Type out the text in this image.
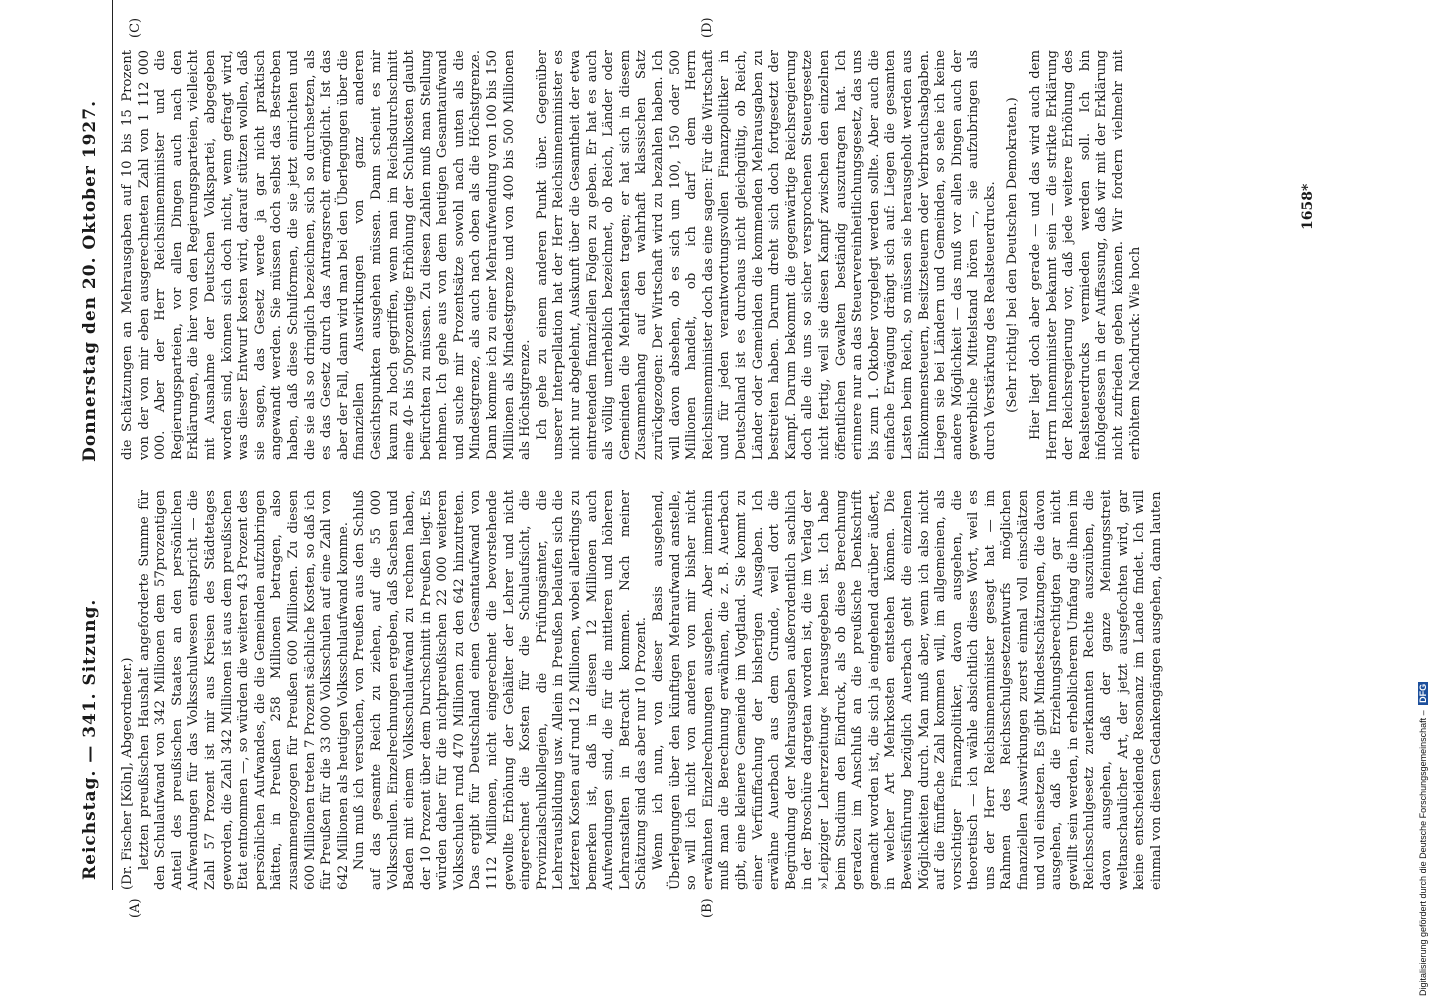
Reichstag. — 341. Sitzung.
Donnerstag den 20. Oktober 1927.
(A)	(B)
(C)	(D)

(Dr. Fischer [Köln], Abgeordneter.) letzten preußischen Haushalt angeforderte Summe für den Schulaufwand von 342 Millionen dem 57prozentigen Anteil des preußischen Staates an den persönlichen Aufwendungen für das Volksschulwesen entspricht — die Zahl 57 Prozent ist mir aus Kreisen des Städtetages geworden, die Zahl 342 Millionen ist aus dem preußischen Etat entnommen —, so würden die weiteren 43 Prozent des persönlichen Aufwandes, die die Gemeinden aufzubringen hätten, in Preußen 258 Millionen betragen, also zusammengezogen für Preußen 600 Millionen. Zu diesen 600 Millionen treten 7 Prozent sächliche Kosten, so daß ich für Preußen für die 33 000 Volksschulen auf eine Zahl von 642 Millionen als heutigen Volksschulaufwand komme. Nun muß ich versuchen, von Preußen aus den Schluß auf das gesamte Reich zu ziehen, auf die 55 000 Volksschulen. Einzelrechnungen ergeben, daß Sachsen und Baden mit einem Volksschulaufwand zu rechnen haben, der 10 Prozent über dem Durchschnitt in Preußen liegt. Es würden daher für die nichtpreußischen 22 000 weiteren Volksschulen rund 470 Millionen zu den 642 hinzutreten. Das ergibt für Deutschland einen Gesamtaufwand von 1112 Millionen, nicht eingerechnet die bevorstehende gewollte Erhöhung der Gehälter der Lehrer und nicht eingerechnet die Kosten für die Schulaufsicht, die Provinzialschulkollegien, die Prüfungsämter, die Lehrerausbildung usw. Allein in Preußen belaufen sich die letzteren Kosten auf rund 12 Millionen, wobei allerdings zu bemerken ist, daß in diesen 12 Millionen auch Aufwendungen sind, die für die mittleren und höheren Lehranstalten in Betracht kommen. Nach meiner Schätzung sind das aber nur 10 Prozent. Wenn ich nun, von dieser Basis ausgehend, Überlegungen über den künftigen Mehraufwand anstelle, so will ich nicht von anderen von mir bisher nicht erwähnten Einzelrechnungen ausgehen. Aber immerhin muß man die Berechnung erwähnen, die z. B. Auerbach gibt, eine kleinere Gemeinde im Vogtland. Sie kommt zu einer Verfünffachung der bisherigen Ausgaben. Ich erwähne Auerbach aus dem Grunde, weil dort die Begründung der Mehrausgaben außerordentlich sachlich in der Broschüre dargetan worden ist, die im Verlag der »Leipziger Lehrerzeitung« herausgegeben ist. Ich habe beim Studium den Eindruck, als ob diese Berechnung geradezu im Anschluß an die preußische Denkschrift gemacht worden ist, die sich ja eingehend darüber äußert, in welcher Art Mehrkosten entstehen können. Die Beweisführung bezüglich Auerbach geht die einzelnen Möglichkeiten durch. Man muß aber, wenn ich also nicht auf die fünffache Zahl kommen will, im allgemeinen, als vorsichtiger Finanzpolitiker, davon ausgehen, die theoretisch — ich wähle absichtlich dieses Wort, weil es uns der Herr Reichsinnenminister gesagt hat — im Rahmen des Reichsschulgesetzentwurfs möglichen finanziellen Auswirkungen zuerst einmal voll einschätzen und voll einsetzen. Es gibt Mindestschätzungen, die davon ausgehen, daß die Erziehungsberechtigten gar nicht gewillt sein werden, in erheblicherem Umfang die ihnen im Reichsschulgesetz zuerkannten Rechte auszuüben, die davon ausgehen, daß der ganze Meinungsstreit weltanschaulicher Art, der jetzt ausgefochten wird, gar keine entscheidende Resonanz im Lande findet. Ich will einmal von diesen Gedankengängen ausgehen, dann lauten

die Schätzungen an Mehrausgaben auf 10 bis 15 Prozent von der von mir eben ausgerechneten Zahl von 1 112 000 000. Aber der Herr Reichsinnenminister und die Regierungsparteien, vor allen Dingen auch nach den Erklärungen, die hier von den Regierungsparteien, vielleicht mit Ausnahme der Deutschen Volkspartei, abgegeben worden sind, können sich doch nicht, wenn gefragt wird, was dieser Entwurf kosten wird, darauf stützen wollen, daß sie sagen, das Gesetz werde ja gar nicht praktisch angewandt werden. Sie müssen doch selbst das Bestreben haben, daß diese Schulformen, die sie jetzt einrichten und die sie als so dringlich bezeichnen, sich so durchsetzen, als es das Gesetz durch das Antragsrecht ermöglicht. Ist das aber der Fall, dann wird man bei den Überlegungen über die finanziellen Auswirkungen von ganz anderen Gesichtspunkten ausgehen müssen. Dann scheint es mir kaum zu hoch gegriffen, wenn man im Reichsdurchschnitt eine 40- bis 50prozentige Erhöhung der Schulkosten glaubt befürchten zu müssen. Zu diesen Zahlen muß man Stellung nehmen. Ich gehe aus von dem heutigen Gesamtaufwand und suche mir Prozentsätze sowohl nach unten als die Mindestgrenze, als auch nach oben als die Höchstgrenze. Dann komme ich zu einer Mehraufwendung von 100 bis 150 Millionen als Mindestgrenze und von 400 bis 500 Millionen als Höchstgrenze. Ich gehe zu einem anderen Punkt über. Gegenüber unserer Interpellation hat der Herr Reichsinnenminister es nicht nur abgelehnt, Auskunft über die Gesamtheit der etwa eintretenden finanziellen Folgen zu geben. Er hat es auch als völlig unerheblich bezeichnet, ob Reich, Länder oder Gemeinden die Mehrlasten tragen; er hat sich in diesem Zusammenhang auf den wahrhaft klassischen Satz zurückgezogen: Der Wirtschaft wird zu bezahlen haben. Ich will davon absehen, ob es sich um 100, 150 oder 500 Millionen handelt, ob ich darf dem Herrn Reichsinnenminister doch das eine sagen: Für die Wirtschaft und für jeden verantwortungsvollen Finanzpolitiker in Deutschland ist es durchaus nicht gleichgültig, ob Reich, Länder oder Gemeinden die kommenden Mehrausgaben zu bestreiten haben. Darum dreht sich doch fortgesetzt der Kampf. Darum bekommt die gegenwärtige Reichsregierung doch alle die uns so sicher versprochenen Steuergesetze nicht fertig, weil sie diesen Kampf zwischen den einzelnen öffentlichen Gewalten beständig auszutragen hat. Ich erinnere nur an das Steuervereinheitlichungsgesetz, das uns bis zum 1. Oktober vorgelegt werden sollte. Aber auch die einfache Erwägung drängt sich auf: Liegen die gesamten Lasten beim Reich, so müssen sie herausgeholt werden aus Einkommensteuern, Besitzsteuern oder Verbrauchsabgaben. Liegen sie bei Ländern und Gemeinden, so sehe ich keine andere Möglichkeit — das muß vor allen Dingen auch der gewerbliche Mittelstand hören —, sie aufzubringen als durch Verstärkung des Realsteuerdrucks. (Sehr richtig! bei den Deutschen Demokraten.) Hier liegt doch aber gerade — und das wird auch dem Herrn Innenminister bekannt sein — die strikte Erklärung der Reichsregierung vor, daß jede weitere Erhöhung des Realsteuerdrucks vermieden werden soll. Ich bin infolgedessen in der Auffassung, daß wir mit der Erklärung nicht zufrieden geben können. Wir fordern vielmehr mit erhöhtem Nachdruck: Wie hoch

1658*
Digitalisierung gefördert durch die Deutsche Forschungsgemeinschaft – DFG
